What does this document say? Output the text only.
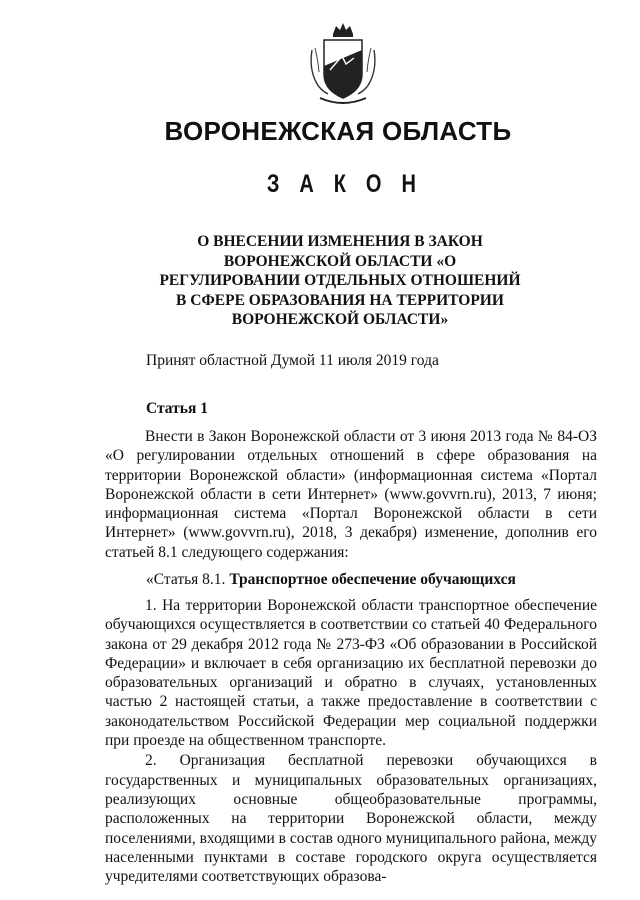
ВОРОНЕЖСКАЯ ОБЛАСТЬ
З А К О Н
О ВНЕСЕНИИ ИЗМЕНЕНИЯ В ЗАКОН
ВОРОНЕЖСКОЙ ОБЛАСТИ «О
РЕГУЛИРОВАНИИ ОТДЕЛЬНЫХ ОТНОШЕНИЙ
В СФЕРЕ ОБРАЗОВАНИЯ НА ТЕРРИТОРИИ
ВОРОНЕЖСКОЙ ОБЛАСТИ»
Принят областной Думой 11 июля 2019 года
Статья 1

Внести в Закон Воронежской области от 3 июня 2013 года № 84-ОЗ «О регулировании отдельных отношений в сфере образования на территории Воронежской области» (информационная система «Портал Воронежской области в сети Интернет» (www.govvrn.ru), 2013, 7 июня; информационная система «Портал Воронежской области в сети Интернет» (www.govvrn.ru), 2018, 3 декабря) изменение, дополнив его статьей 8.1 следующего содержания:

«Статья 8.1. Транспортное обеспечение обучающихся

1. На территории Воронежской области транспортное обеспечение обучающихся осуществляется в соответствии со статьей 40 Федерального закона от 29 декабря 2012 года № 273-ФЗ «Об образовании в Российской Федерации» и включает в себя организацию их бесплатной перевозки до образовательных организаций и обратно в случаях, установленных частью 2 настоящей статьи, а также предоставление в соответствии с законодательством Российской Федерации мер социальной поддержки при проезде на общественном транспорте.

2. Организация бесплатной перевозки обучающихся в государственных и муниципальных образовательных организациях, реализующих основные общеобразовательные программы, расположенных на территории Воронежской области, между поселениями, входящими в состав одного муниципального района, между населенными пунктами в составе городского округа осуществляется учредителями соответствующих образова-
